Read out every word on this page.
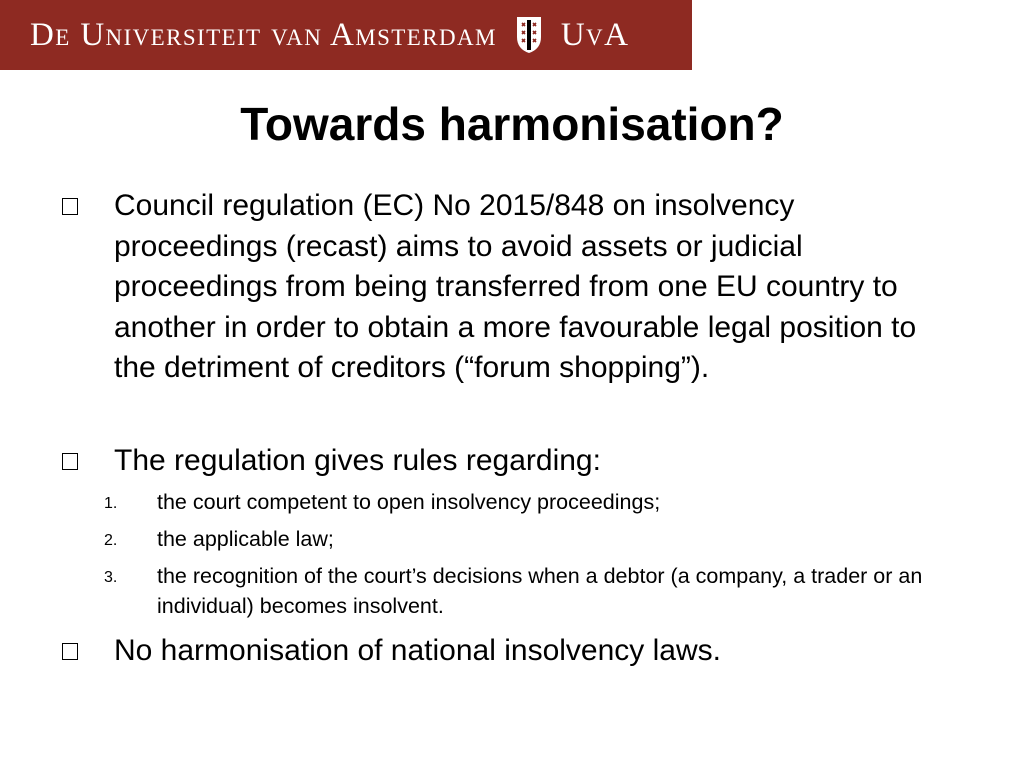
De Universiteit van Amsterdam UvA
Towards harmonisation?
Council regulation (EC) No 2015/848 on insolvency proceedings (recast) aims to avoid assets or judicial proceedings from being transferred from one EU country to another in order to obtain a more favourable legal position to the detriment of creditors (“forum shopping”).
The regulation gives rules regarding:
1.	the court competent to open insolvency proceedings;
2.	the applicable law;
3.	the recognition of the court’s decisions when a debtor (a company, a trader or an individual) becomes insolvent.
No harmonisation of national insolvency laws.
